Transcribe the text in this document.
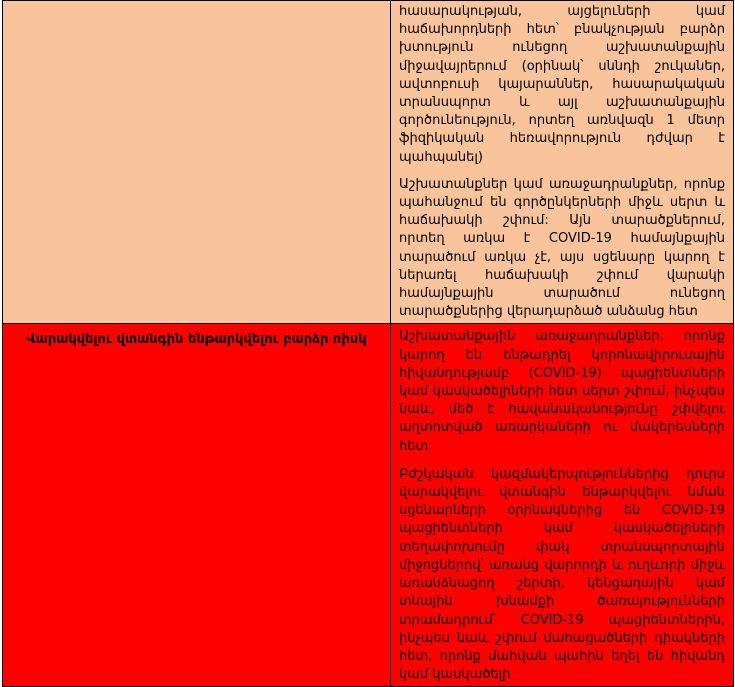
	հասարակության, այցելուների կամ հաճախորդների հետ՝ բնակչության բարձր խտություն ունեցող աշխատանքային միջավայրերում (օրինակ՝ սննդի շուկաներ, ավտոբուսի կայարաններ, հասարակական տրանսպորտ և այլ աշխատանքային գործունեություն, որտեղ առնվազն 1 մետր ֆիզիկական հեռավորություն դժվար է պահպանել)

Աշխատանքներ կամ առաջադրանքներ, որոնք պահանջում են գործընկերների միջև սերտ և հաճախակի շփում: Այն տարածքներում, որտեղ առկա է COVID-19 համայնքային տարածում առկա չէ, այս սցենարը կարող է ներառել հաճախակի շփում վարակի համայնքային տարածում ունեցող տարածքներից վերադարձած անձանց հետ

Վարակվելու վտանգին ենթարկվելու բարձր ռիսկ	Աշխատանքային առաջադրանքներ, որոնք կարող են ենթադրել կորոնավիրուսային հիվանդությամբ (COVID-19) պացիենտների կամ կասկածելիների հետ սերտ շփում, ինչպես նաև, մեծ է հավանականությունը շփվելու աղտոտված առարկաների ու մակերեսների հետ

Բժշկական կազմակերպություններից դուրս վարակվելու վտանգին ենթարկվելու նման սցենարների օրինակներից են COVID-19 պացիենտների կամ կասկածելիների տեղափոխումը փակ տրանսպորտային միջոցներով՝ առանց վարորդի և ուղևորի միջև առանձնացող շերտի, կենցաղային կամ տնային խնամքի ծառայությունների տրամադրում՝ COVID-19 պացիենտներին, ինչպես նաև շփում մահացածների դիակների հետ, որոնք մահվան պահին եղել են հիվանդ կամ կասկածելի
